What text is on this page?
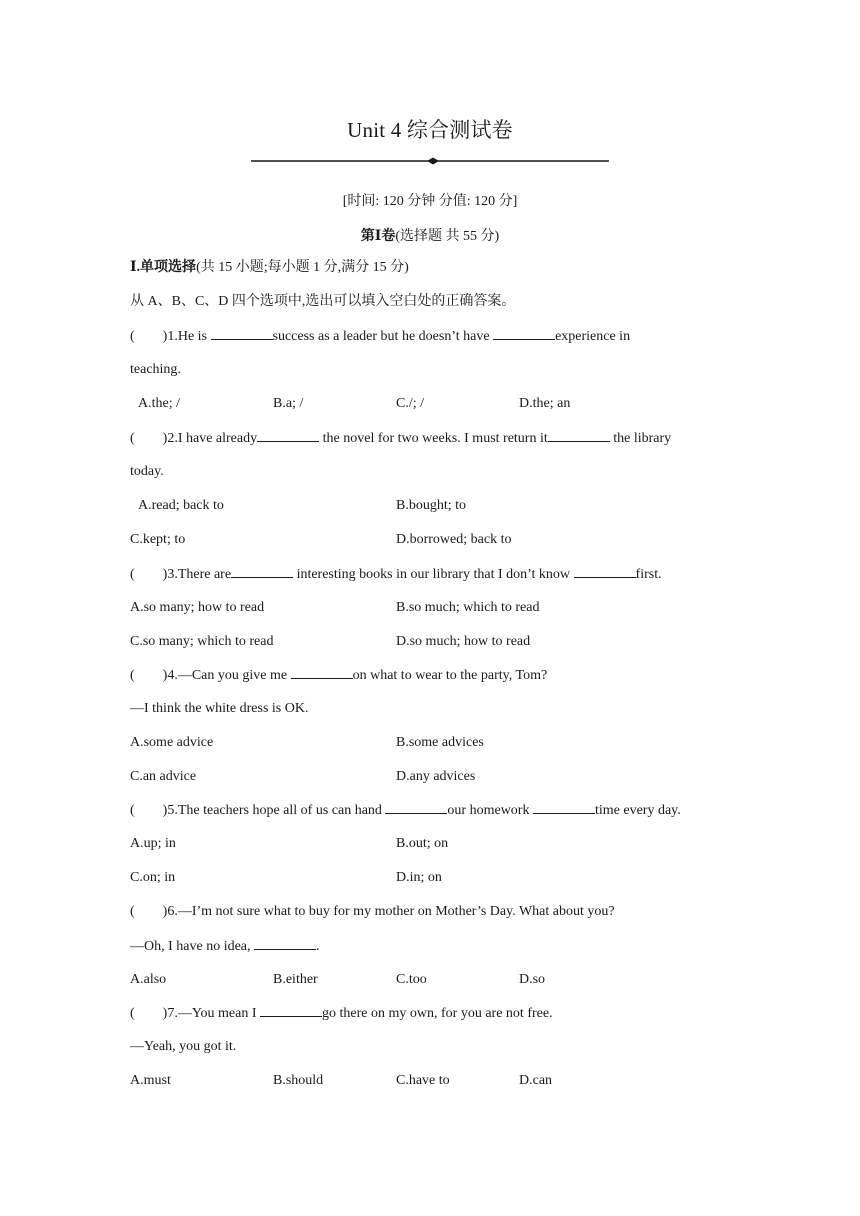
Unit 4 综合测试卷
[时间: 120 分钟 分值: 120 分]
第Ⅰ卷(选择题 共 55 分)
Ⅰ.单项选择(共 15 小题;每小题 1 分,满分 15 分)
从 A、B、C、D 四个选项中,选出可以填入空白处的正确答案。
(        )1.He is	success as a leader but he doesn’t have	experience in
teaching.
A.the; /	B.a; /	C./; /	D.the; an
(        )2.I have already	the novel for two weeks. I must return it	the library
today.
A.read; back to	B.bought; to
C.kept; to	D.borrowed; back to
(        )3.There are	interesting books in our library that I don’t know	first.
A.so many; how to read	B.so much; which to read
C.so many; which to read	D.so much; how to read
(        )4.—Can you give me	on what to wear to the party, Tom?
—I think the white dress is OK.
A.some advice	B.some advices
C.an advice	D.any advices
(        )5.The teachers hope all of us can hand	our homework	time every day.
A.up; in	B.out; on
C.on; in	D.in; on
(        )6.—I’m not sure what to buy for my mother on Mother’s Day. What about you?
—Oh, I have no idea,	.
A.also	B.either	C.too	D.so
(        )7.—You mean I	go there on my own, for you are not free.
—Yeah, you got it.
A.must	B.should	C.have to	D.can
